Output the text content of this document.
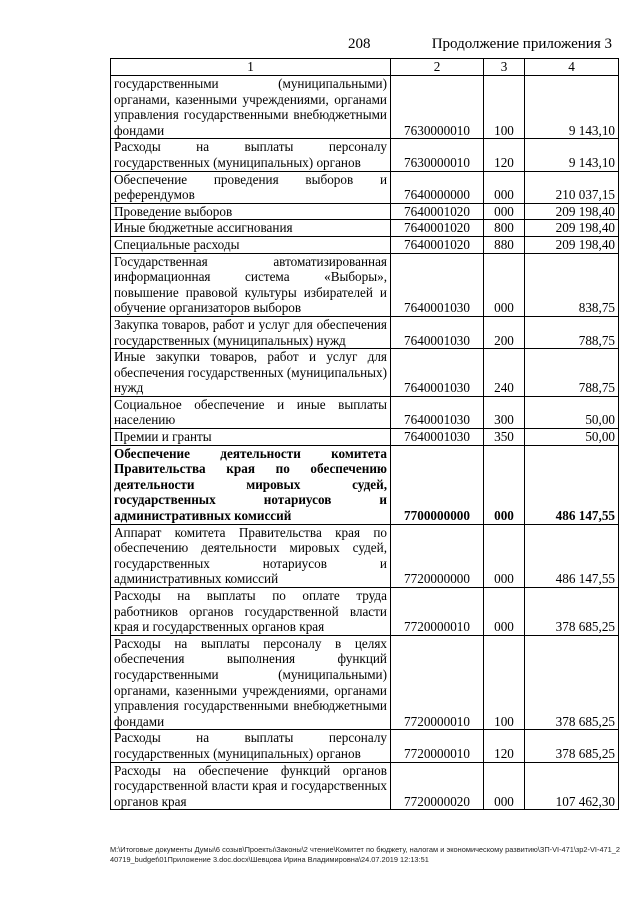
208	Продолжение приложения 3
1	2	3	4
государственными (муниципальными) органами, казенными учреждениями, органами управления государственными внебюджетными фондами	7630000010	100	9 143,10
Расходы на выплаты персоналу государственных (муниципальных) органов	7630000010	120	9 143,10
Обеспечение проведения выборов и референдумов	7640000000	000	210 037,15
Проведение выборов	7640001020	000	209 198,40
Иные бюджетные ассигнования	7640001020	800	209 198,40
Специальные расходы	7640001020	880	209 198,40
Государственная автоматизированная информационная система «Выборы», повышение правовой культуры избирателей и обучение организаторов выборов	7640001030	000	838,75
Закупка товаров, работ и услуг для обеспечения государственных (муниципальных) нужд	7640001030	200	788,75
Иные закупки товаров, работ и услуг для обеспечения государственных (муниципальных) нужд	7640001030	240	788,75
Социальное обеспечение и иные выплаты населению	7640001030	300	50,00
Премии и гранты	7640001030	350	50,00
Обеспечение деятельности комитета Правительства края по обеспечению деятельности мировых судей, государственных нотариусов и административных комиссий	7700000000	000	486 147,55
Аппарат комитета Правительства края по обеспечению деятельности мировых судей, государственных нотариусов и административных комиссий	7720000000	000	486 147,55
Расходы на выплаты по оплате труда работников органов государственной власти края и государственных органов края	7720000010	000	378 685,25
Расходы на выплаты персоналу в целях обеспечения выполнения функций государственными (муниципальными) органами, казенными учреждениями, органами управления государственными внебюджетными фондами	7720000010	100	378 685,25
Расходы на выплаты персоналу государственных (муниципальных) органов	7720000010	120	378 685,25
Расходы на обеспечение функций органов государственной власти края и государственных органов края	7720000020	000	107 462,30
M:\Итоговые документы Думы\6 созыв\Проекты\Законы\2 чтение\Комитет по бюджету, налогам и экономическому развитию\ЗП-VI-471\зр2-VI-471_240719_budget\01Приложение 3.doc.docx\Шевцова Ирина Владимировна\24.07.2019 12:13:51
